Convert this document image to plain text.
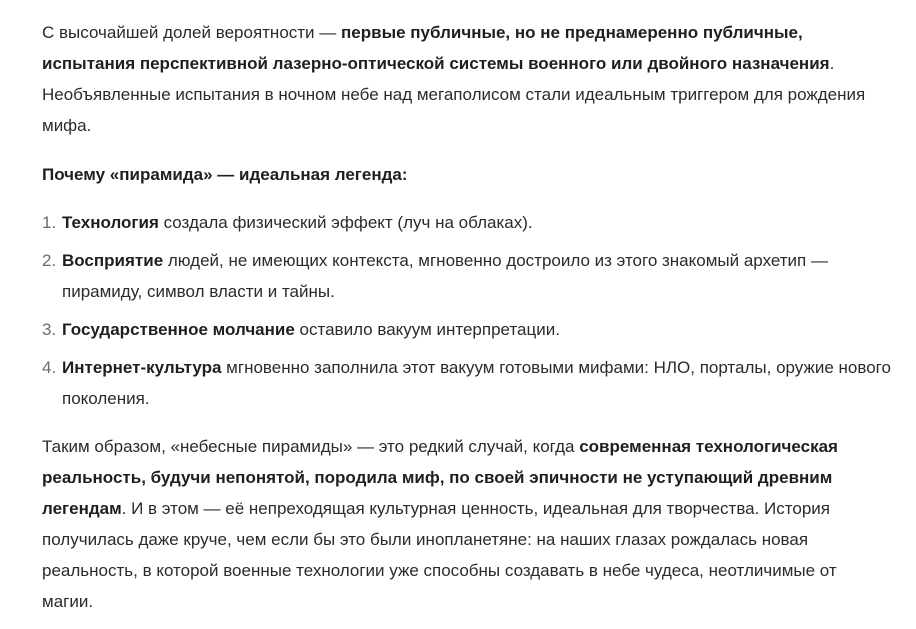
С высочайшей долей вероятности — первые публичные, но не преднамеренно публичные, испытания перспективной лазерно-оптической системы военного или двойного назначения. Необъявленные испытания в ночном небе над мегаполисом стали идеальным триггером для рождения мифа.

Почему «пирамида» — идеальная легенда:

1. Технология создала физический эффект (луч на облаках).
2. Восприятие людей, не имеющих контекста, мгновенно достроило из этого знакомый архетип — пирамиду, символ власти и тайны.
3. Государственное молчание оставило вакуум интерпретации.
4. Интернет-культура мгновенно заполнила этот вакуум готовыми мифами: НЛО, порталы, оружие нового поколения.

Таким образом, «небесные пирамиды» — это редкий случай, когда современная технологическая реальность, будучи непонятой, породила миф, по своей эпичности не уступающий древним легендам. И в этом — её непреходящая культурная ценность, идеальная для творчества. История получилась даже круче, чем если бы это были инопланетяне: на наших глазах рождалась новая реальность, в которой военные технологии уже способны создавать в небе чудеса, неотличимые от магии.
